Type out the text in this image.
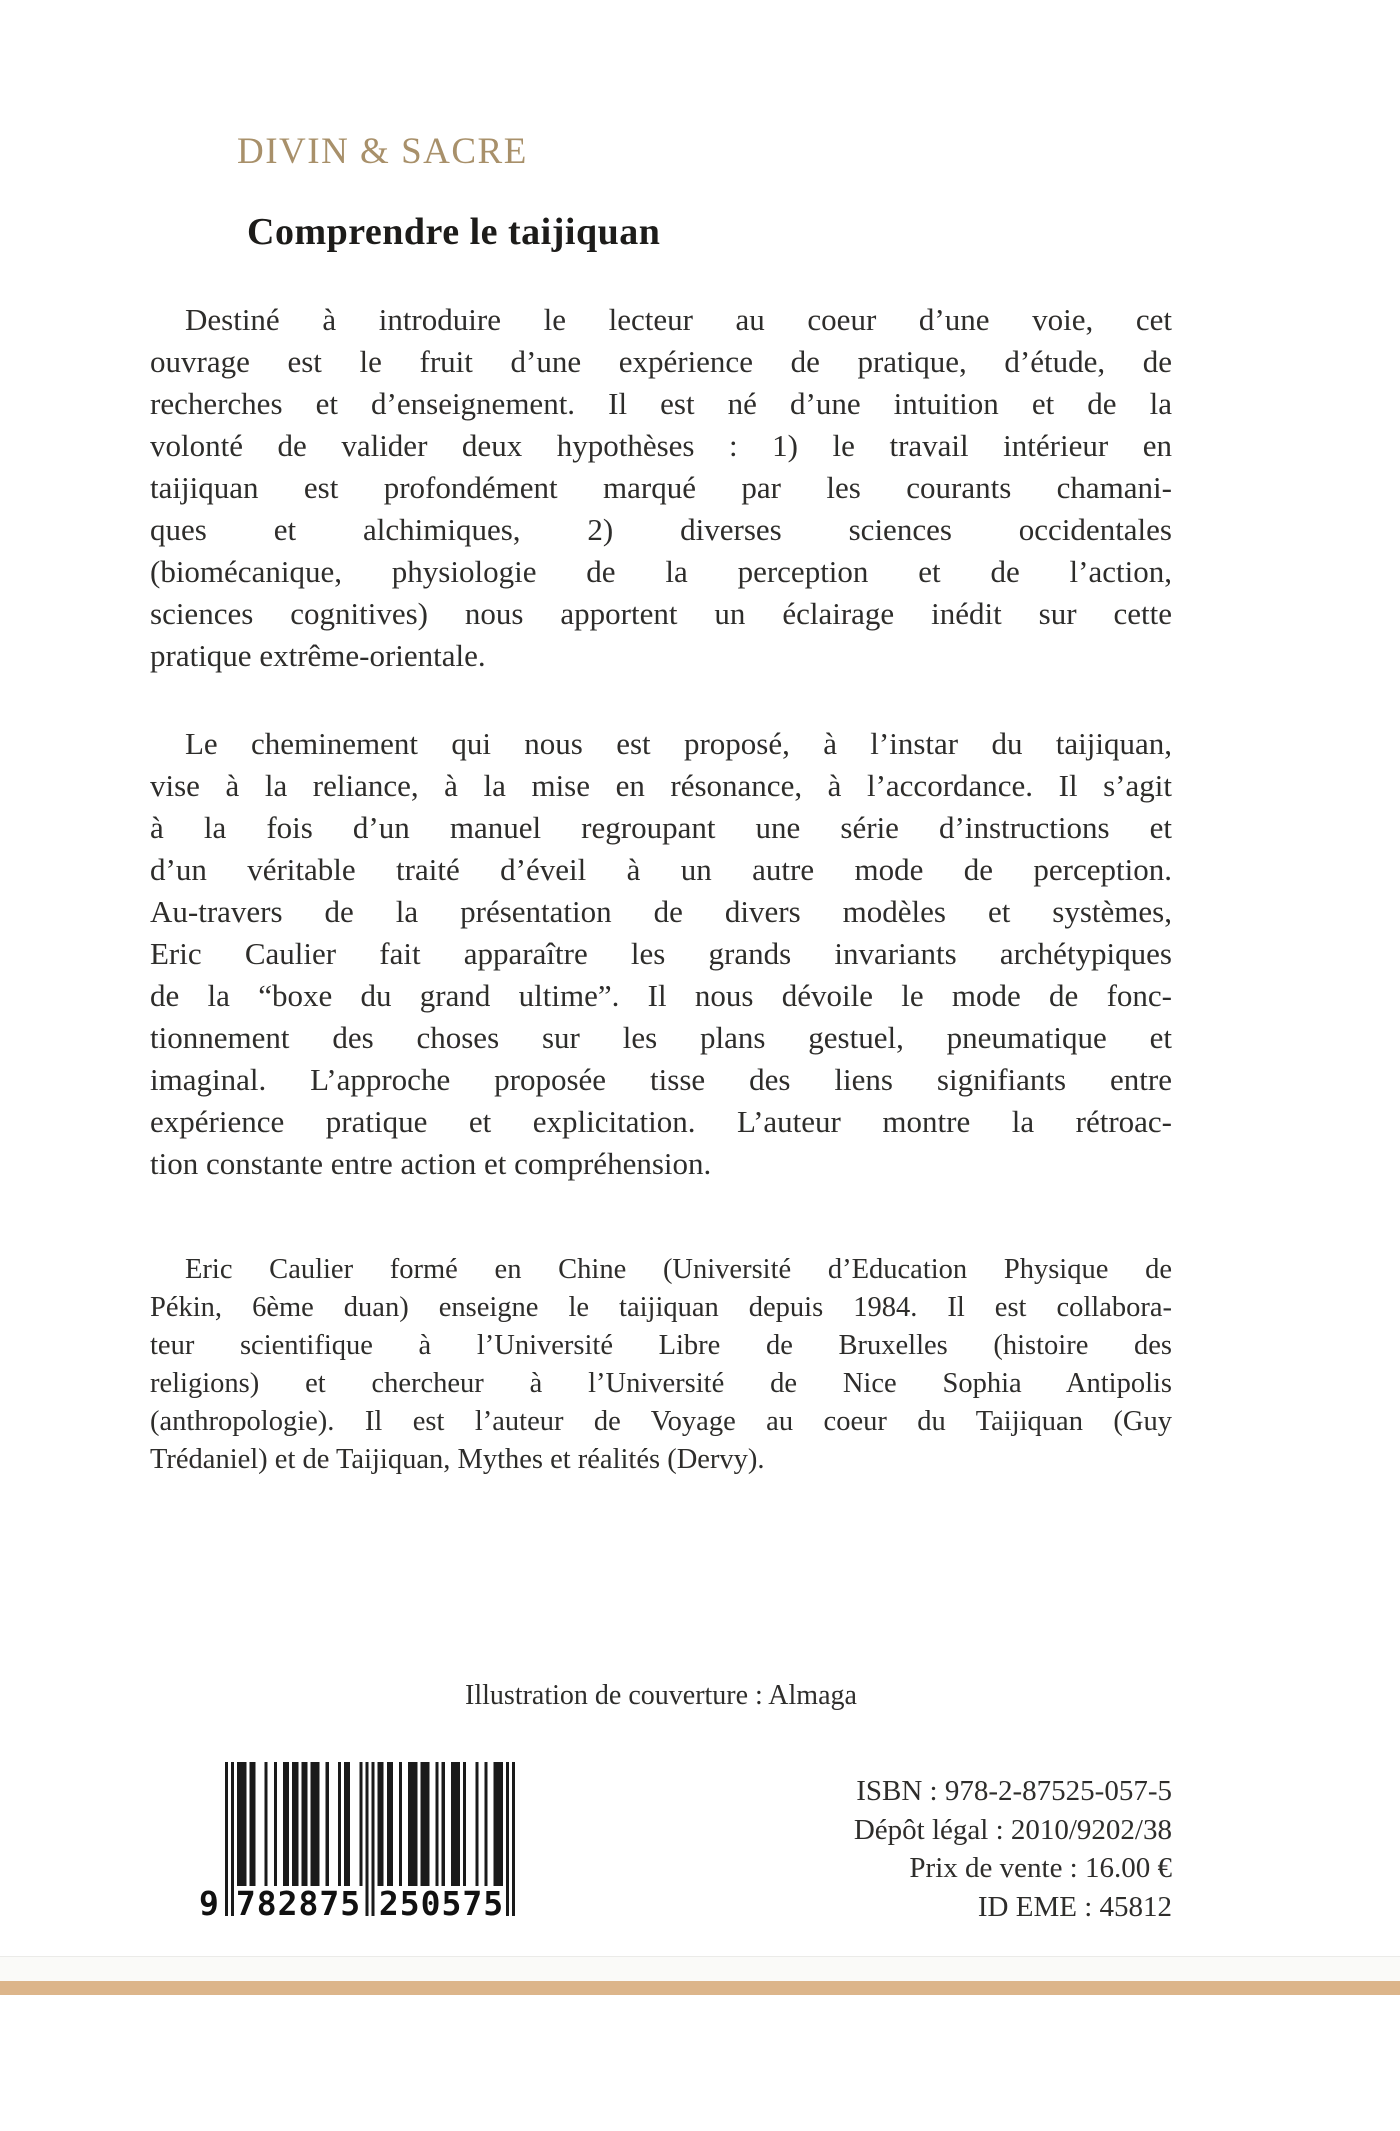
DIVIN & SACRE
Comprendre le taijiquan
Destiné à introduire le lecteur au coeur d’une voie, cet
ouvrage est le fruit d’une expérience de pratique, d’étude, de
recherches et d’enseignement. Il est né d’une intuition et de la
volonté de valider deux hypothèses : 1) le travail intérieur en
taijiquan est profondément marqué par les courants chamani-
ques et alchimiques, 2) diverses sciences occidentales
(biomécanique, physiologie de la perception et de l’action,
sciences cognitives) nous apportent un éclairage inédit sur cette
pratique extrême-orientale.
Le cheminement qui nous est proposé, à l’instar du taijiquan,
vise à la reliance, à la mise en résonance, à l’accordance. Il s’agit
à la fois d’un manuel regroupant une série d’instructions et
d’un véritable traité d’éveil à un autre mode de perception.
Au-travers de la présentation de divers modèles et systèmes,
Eric Caulier fait apparaître les grands invariants archétypiques
de la “boxe du grand ultime”. Il nous dévoile le mode de fonc-
tionnement des choses sur les plans gestuel, pneumatique et
imaginal. L’approche proposée tisse des liens signifiants entre
expérience pratique et explicitation. L’auteur montre la rétroac-
tion constante entre action et compréhension.
Eric Caulier formé en Chine (Université d’Education Physique de
Pékin, 6ème duan) enseigne le taijiquan depuis 1984. Il est collabora-
teur scientifique à l’Université Libre de Bruxelles (histoire des
religions) et chercheur à l’Université de Nice Sophia Antipolis
(anthropologie). Il est l’auteur de Voyage au coeur du Taijiquan (Guy
Trédaniel) et de Taijiquan, Mythes et réalités (Dervy).
Illustration de couverture : Almaga
9 782875 250575
ISBN : 978-2-87525-057-5
Dépôt légal : 2010/9202/38
Prix de vente : 16.00 €
ID EME : 45812
